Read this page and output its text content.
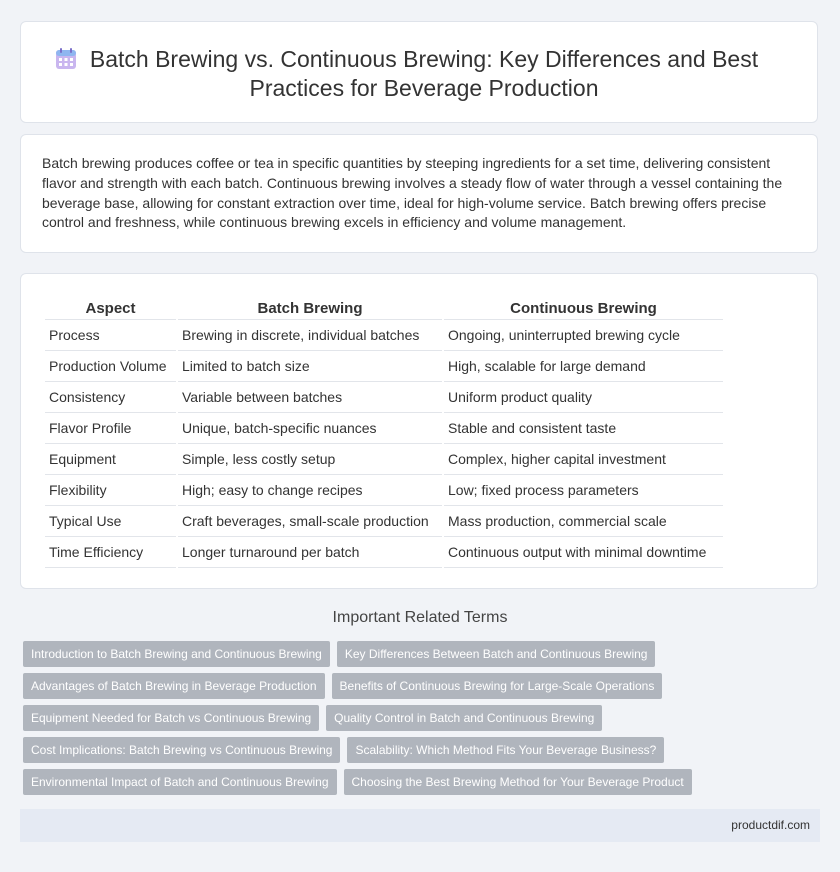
Batch Brewing vs. Continuous Brewing: Key Differences and Best Practices for Beverage Production

Batch brewing produces coffee or tea in specific quantities by steeping ingredients for a set time, delivering consistent flavor and strength with each batch. Continuous brewing involves a steady flow of water through a vessel containing the beverage base, allowing for constant extraction over time, ideal for high-volume service. Batch brewing offers precise control and freshness, while continuous brewing excels in efficiency and volume management.

Aspect	Batch Brewing	Continuous Brewing
Process	Brewing in discrete, individual batches	Ongoing, uninterrupted brewing cycle
Production Volume	Limited to batch size	High, scalable for large demand
Consistency	Variable between batches	Uniform product quality
Flavor Profile	Unique, batch-specific nuances	Stable and consistent taste
Equipment	Simple, less costly setup	Complex, higher capital investment
Flexibility	High; easy to change recipes	Low; fixed process parameters
Typical Use	Craft beverages, small-scale production	Mass production, commercial scale
Time Efficiency	Longer turnaround per batch	Continuous output with minimal downtime
Important Related Terms
Introduction to Batch Brewing and Continuous Brewing	Key Differences Between Batch and Continuous Brewing
Advantages of Batch Brewing in Beverage Production	Benefits of Continuous Brewing for Large-Scale Operations
Equipment Needed for Batch vs Continuous Brewing	Quality Control in Batch and Continuous Brewing
Cost Implications: Batch Brewing vs Continuous Brewing	Scalability: Which Method Fits Your Beverage Business?
Environmental Impact of Batch and Continuous Brewing	Choosing the Best Brewing Method for Your Beverage Product
productdif.com
